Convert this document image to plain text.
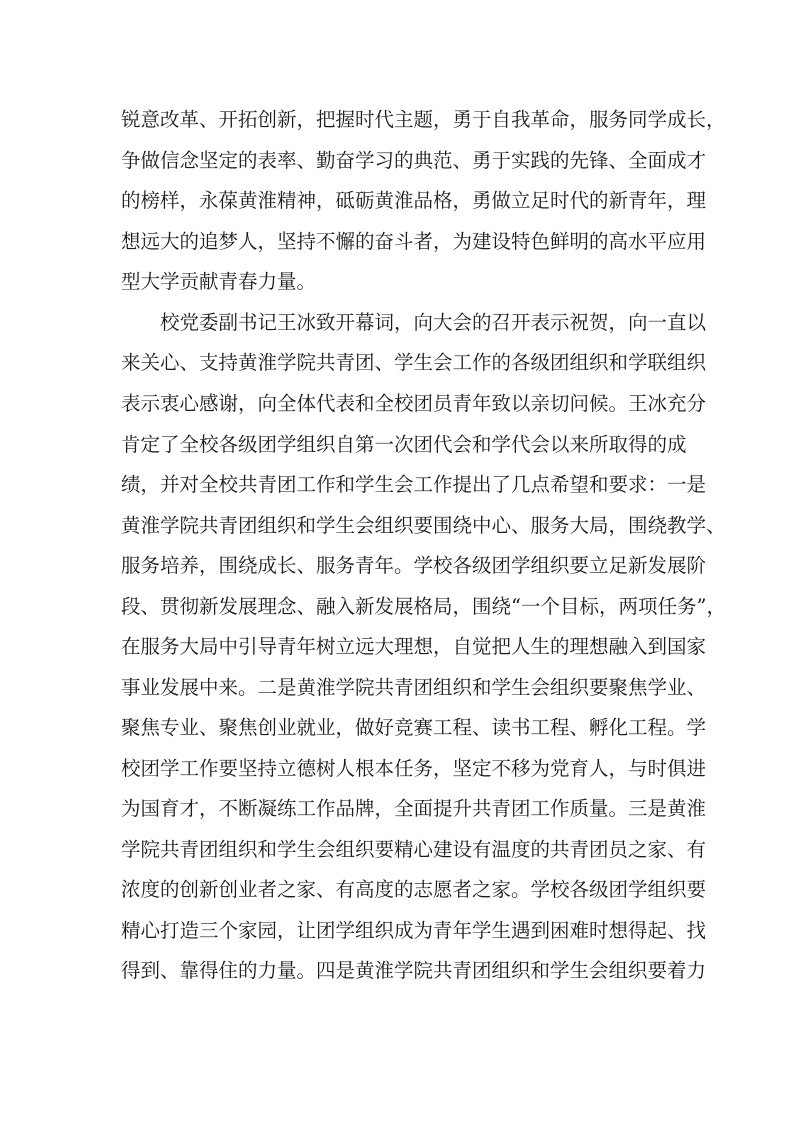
锐意改革、开拓创新，把握时代主题，勇于自我革命，服务同学成长，
争做信念坚定的表率、勤奋学习的典范、勇于实践的先锋、全面成才
的榜样，永葆黄淮精神，砥砺黄淮品格，勇做立足时代的新青年，理
想远大的追梦人，坚持不懈的奋斗者，为建设特色鲜明的高水平应用
型大学贡献青春力量。
校党委副书记王冰致开幕词，向大会的召开表示祝贺，向一直以
来关心、支持黄淮学院共青团、学生会工作的各级团组织和学联组织
表示衷心感谢，向全体代表和全校团员青年致以亲切问候。王冰充分
肯定了全校各级团学组织自第一次团代会和学代会以来所取得的成
绩，并对全校共青团工作和学生会工作提出了几点希望和要求：一是
黄淮学院共青团组织和学生会组织要围绕中心、服务大局，围绕教学、
服务培养，围绕成长、服务青年。学校各级团学组织要立足新发展阶
段、贯彻新发展理念、融入新发展格局，围绕“一个目标，两项任务”，
在服务大局中引导青年树立远大理想，自觉把人生的理想融入到国家
事业发展中来。二是黄淮学院共青团组织和学生会组织要聚焦学业、
聚焦专业、聚焦创业就业，做好竞赛工程、读书工程、孵化工程。学
校团学工作要坚持立德树人根本任务，坚定不移为党育人，与时俱进
为国育才，不断凝练工作品牌，全面提升共青团工作质量。三是黄淮
学院共青团组织和学生会组织要精心建设有温度的共青团员之家、有
浓度的创新创业者之家、有高度的志愿者之家。学校各级团学组织要
精心打造三个家园，让团学组织成为青年学生遇到困难时想得起、找
得到、靠得住的力量。四是黄淮学院共青团组织和学生会组织要着力
